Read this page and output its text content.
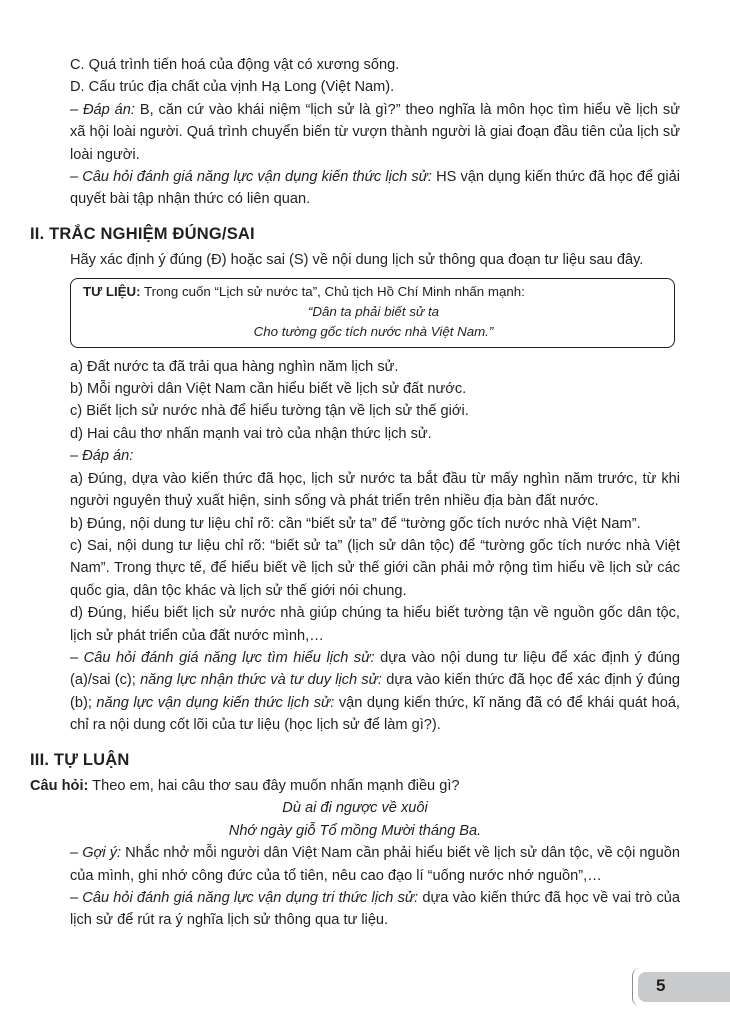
C. Quá trình tiến hoá của động vật có xương sống.

D. Cấu trúc địa chất của vịnh Hạ Long (Việt Nam).

– Đáp án: B, căn cứ vào khái niệm “lịch sử là gì?” theo nghĩa là môn học tìm hiểu về lịch sử xã hội loài người. Quá trình chuyển biến từ vượn thành người là giai đoạn đầu tiên của lịch sử loài người.

– Câu hỏi đánh giá năng lực vận dụng kiến thức lịch sử: HS vận dụng kiến thức đã học để giải quyết bài tập nhận thức có liên quan.

II. TRẮC NGHIỆM ĐÚNG/SAI

Hãy xác định ý đúng (Đ) hoặc sai (S) về nội dung lịch sử thông qua đoạn tư liệu sau đây.

TƯ LIỆU: Trong cuốn “Lịch sử nước ta”, Chủ tịch Hồ Chí Minh nhấn mạnh:
“Dân ta phải biết sử ta
Cho tường gốc tích nước nhà Việt Nam.”

a) Đất nước ta đã trải qua hàng nghìn năm lịch sử.

b) Mỗi người dân Việt Nam cần hiểu biết về lịch sử đất nước.

c) Biết lịch sử nước nhà để hiểu tường tận về lịch sử thế giới.

d) Hai câu thơ nhấn mạnh vai trò của nhận thức lịch sử.

– Đáp án:

a) Đúng, dựa vào kiến thức đã học, lịch sử nước ta bắt đầu từ mấy nghìn năm trước, từ khi người nguyên thuỷ xuất hiện, sinh sống và phát triển trên nhiều địa bàn đất nước.

b) Đúng, nội dung tư liệu chỉ rõ: cần “biết sử ta” để “tường gốc tích nước nhà Việt Nam”.

c) Sai, nội dung tư liệu chỉ rõ: “biết sử ta” (lịch sử dân tộc) để “tường gốc tích nước nhà Việt Nam”. Trong thực tế, để hiểu biết về lịch sử thế giới cần phải mở rộng tìm hiểu về lịch sử các quốc gia, dân tộc khác và lịch sử thế giới nói chung.

d) Đúng, hiểu biết lịch sử nước nhà giúp chúng ta hiểu biết tường tận về nguồn gốc dân tộc, lịch sử phát triển của đất nước mình,…

– Câu hỏi đánh giá năng lực tìm hiểu lịch sử: dựa vào nội dung tư liệu để xác định ý đúng (a)/sai (c); năng lực nhận thức và tư duy lịch sử: dựa vào kiến thức đã học để xác định ý đúng (b); năng lực vận dụng kiến thức lịch sử: vận dụng kiến thức, kĩ năng đã có để khái quát hoá, chỉ ra nội dung cốt lõi của tư liệu (học lịch sử để làm gì?).

III. TỰ LUẬN

Câu hỏi: Theo em, hai câu thơ sau đây muốn nhấn mạnh điều gì?

Dù ai đi ngược về xuôi

Nhớ ngày giỗ Tổ mồng Mười tháng Ba.

– Gợi ý: Nhắc nhở mỗi người dân Việt Nam cần phải hiểu biết về lịch sử dân tộc, về cội nguồn của mình, ghi nhớ công đức của tổ tiên, nêu cao đạo lí “uống nước nhớ nguồn”,…

– Câu hỏi đánh giá năng lực vận dụng tri thức lịch sử: dựa vào kiến thức đã học về vai trò của lịch sử để rút ra ý nghĩa lịch sử thông qua tư liệu.

5
